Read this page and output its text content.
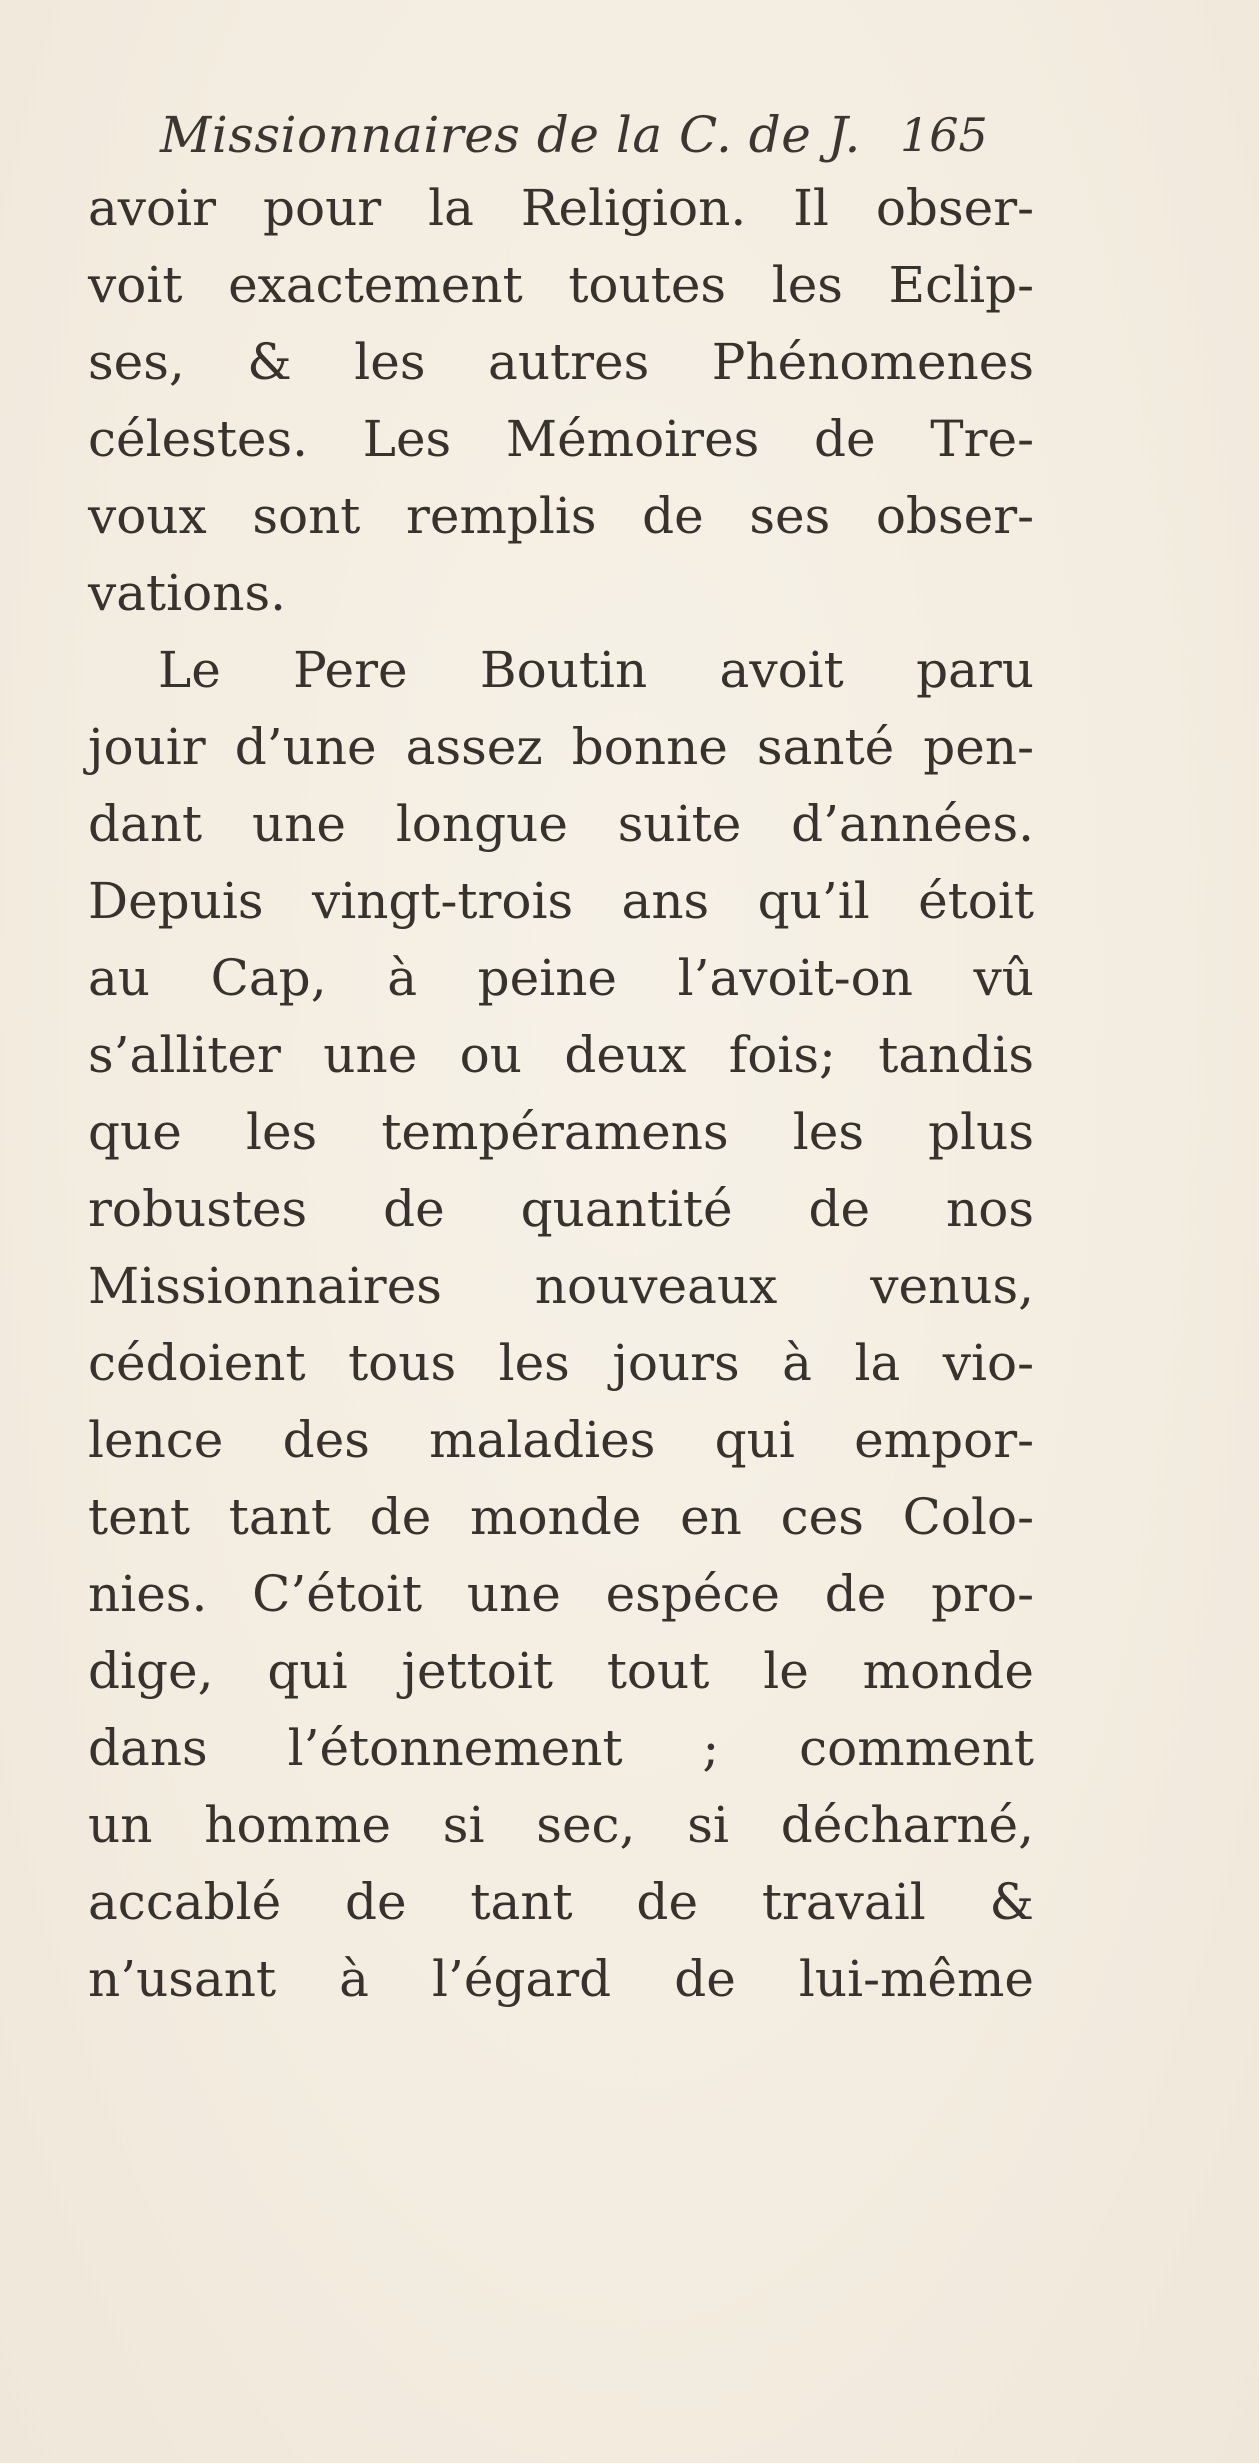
Missionnaires de la C. de J. 165
avoir pour la Religion. Il obser-
voit exactement toutes les Eclip-
ses, & les autres Phénomenes
célestes. Les Mémoires de Tre-
voux sont remplis de ses obser-
vations.
Le Pere Boutin avoit paru
jouir d’une assez bonne santé pen-
dant une longue suite d’années.
Depuis vingt-trois ans qu’il étoit
au Cap, à peine l’avoit-on vû
s’alliter une ou deux fois; tandis
que les tempéramens les plus
robustes de quantité de nos
Missionnaires nouveaux venus,
cédoient tous les jours à la vio-
lence des maladies qui empor-
tent tant de monde en ces Colo-
nies. C’étoit une espéce de pro-
dige, qui jettoit tout le monde
dans l’étonnement ; comment
un homme si sec, si décharné,
accablé de tant de travail &
n’usant à l’égard de lui-même
